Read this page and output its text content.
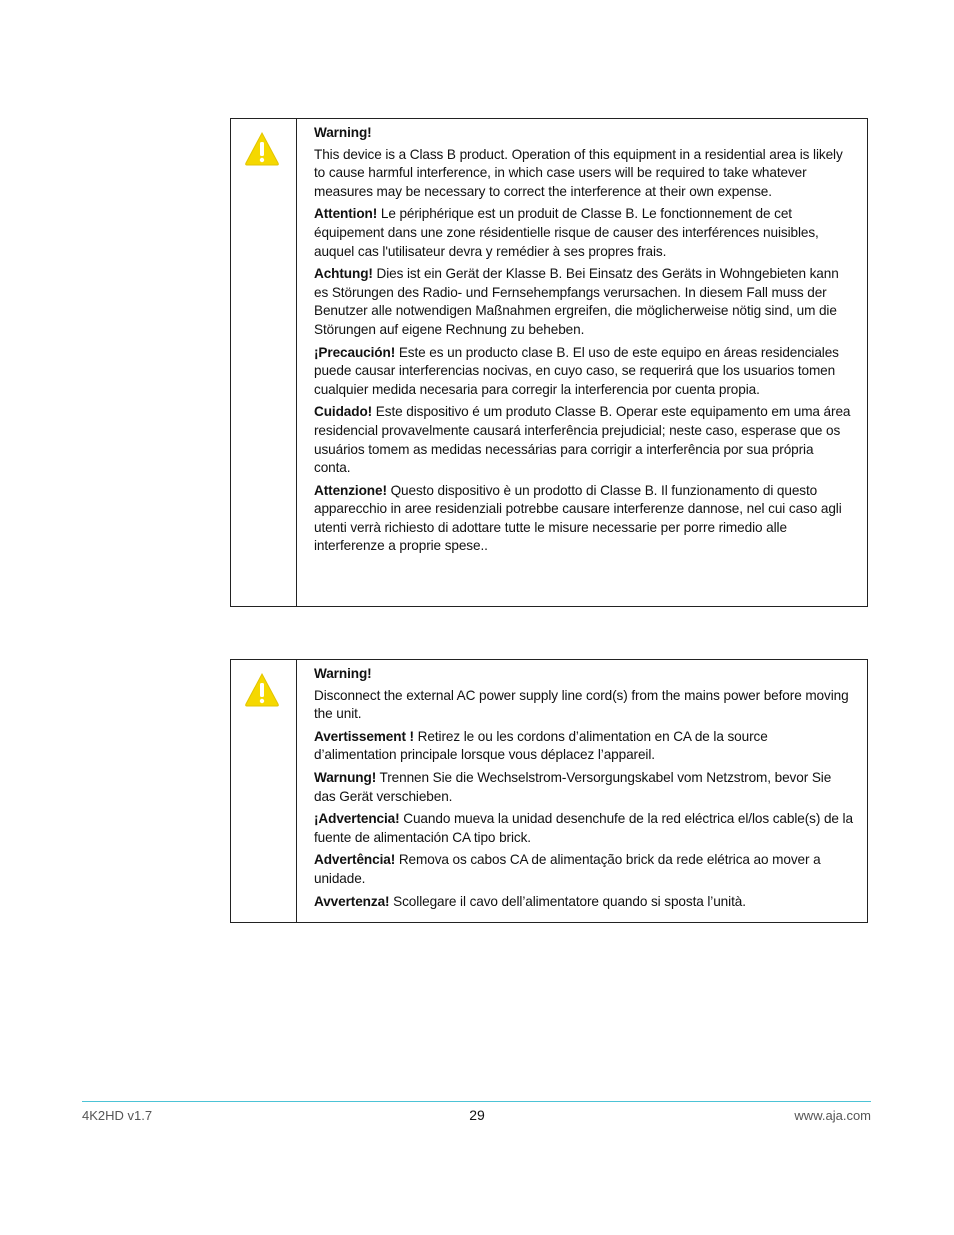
Warning!

This device is a Class B product. Operation of this equipment in a residential area is likely to cause harmful interference, in which case users will be required to take whatever measures may be necessary to correct the interference at their own expense.

Attention! Le périphérique est un produit de Classe B. Le fonctionnement de cet équipement dans une zone résidentielle risque de causer des interférences nuisibles, auquel cas l'utilisateur devra y remédier à ses propres frais.

Achtung! Dies ist ein Gerät der Klasse B. Bei Einsatz des Geräts in Wohngebieten kann es Störungen des Radio- und Fernsehempfangs verursachen. In diesem Fall muss der Benutzer alle notwendigen Maßnahmen ergreifen, die möglicherweise nötig sind, um die Störungen auf eigene Rechnung zu beheben.

¡Precaución! Este es un producto clase B. El uso de este equipo en áreas residenciales puede causar interferencias nocivas, en cuyo caso, se requerirá que los usuarios tomen cualquier medida necesaria para corregir la interferencia por cuenta propia.

Cuidado! Este dispositivo é um produto Classe B. Operar este equipamento em uma área residencial provavelmente causará interferência prejudicial; neste caso, esperase que os usuários tomem as medidas necessárias para corrigir a interferência por sua própria conta.

Attenzione! Questo dispositivo è un prodotto di Classe B. Il funzionamento di questo apparecchio in aree residenziali potrebbe causare interferenze dannose, nel cui caso agli utenti verrà richiesto di adottare tutte le misure necessarie per porre rimedio alle interferenze a proprie spese..

Warning!

Disconnect the external AC power supply line cord(s) from the mains power before moving the unit.

Avertissement ! Retirez le ou les cordons d’alimentation en CA de la source d’alimentation principale lorsque vous déplacez l’appareil.

Warnung! Trennen Sie die Wechselstrom-Versorgungskabel vom Netzstrom, bevor Sie das Gerät verschieben.

¡Advertencia! Cuando mueva la unidad desenchufe de la red eléctrica el/los cable(s) de la fuente de alimentación CA tipo brick.

Advertência! Remova os cabos CA de alimentação brick da rede elétrica ao mover a unidade.

Avvertenza! Scollegare il cavo dell’alimentatore quando si sposta l’unità.

4K2HD v1.7	29	www.aja.com
